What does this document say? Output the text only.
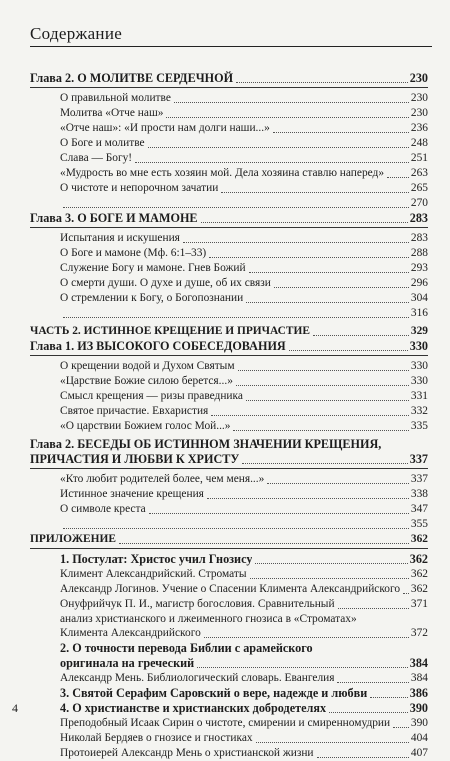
Содержание
Глава 2. О МОЛИТВЕ СЕРДЕЧНОЙ	230
О правильной молитве	230
Молитва «Отче наш»	230
«Отче наш»: «И прости нам долги наши...»	236
О Боге и молитве	248
Слава — Богу!	251
«Мудрость во мне есть хозяин мой. Дела хозяина ставлю наперед» 263
О чистоте и непорочном зачатии	265
270
Глава 3. О БОГЕ И МАМОНЕ	283
Испытания и искушения	283
О Боге и мамоне (Мф. 6:1–33)	288
Служение Богу и мамоне. Гнев Божий	293
О смерти души. О духе и душе, об их связи	296
О стремлении к Богу, о Богопознании	304
316
ЧАСТЬ 2. ИСТИННОЕ КРЕЩЕНИЕ И ПРИЧАСТИЕ	329
Глава 1. ИЗ ВЫСОКОГО СОБЕСЕДОВАНИЯ	330
О крещении водой и Духом Святым	330
«Царствие Божие силою берется...»	330
Смысл крещения — ризы праведника	331
Святое причастие. Евхаристия	332
«О царствии Божием голос Мой...»	335
Глава 2. БЕСЕДЫ ОБ ИСТИННОМ ЗНАЧЕНИИ КРЕЩЕНИЯ,
ПРИЧАСТИЯ И ЛЮБВИ К ХРИСТУ	337
«Кто любит родителей более, чем меня...»	337
Истинное значение крещения	338
О символе креста	347
355
ПРИЛОЖЕНИЕ	362
1. Постулат: Христос учил Гнозису	362
Климент Александрийский. Строматы	362
Александр Логинов. Учение о Спасении Климента Александрийского 362
Онуфрийчук П. И., магистр богословия. Сравнительный	371
анализ христианского и лжеименного гнозиса в «Строматах»
Климента Александрийского	372
2. О точности перевода Библии с арамейского
оригинала на греческий	384
Александр Мень. Библиологический словарь. Евангелия	384
3. Святой Серафим Саровский о вере, надежде и любви	386
4. О христианстве и христианских добродетелях	390
Преподобный Исаак Сирин о чистоте, смирении и смиренномудрии 390
Николай Бердяев о гнозисе и гностиках	404
Протоиерей Александр Мень о христианской жизни	407
4
